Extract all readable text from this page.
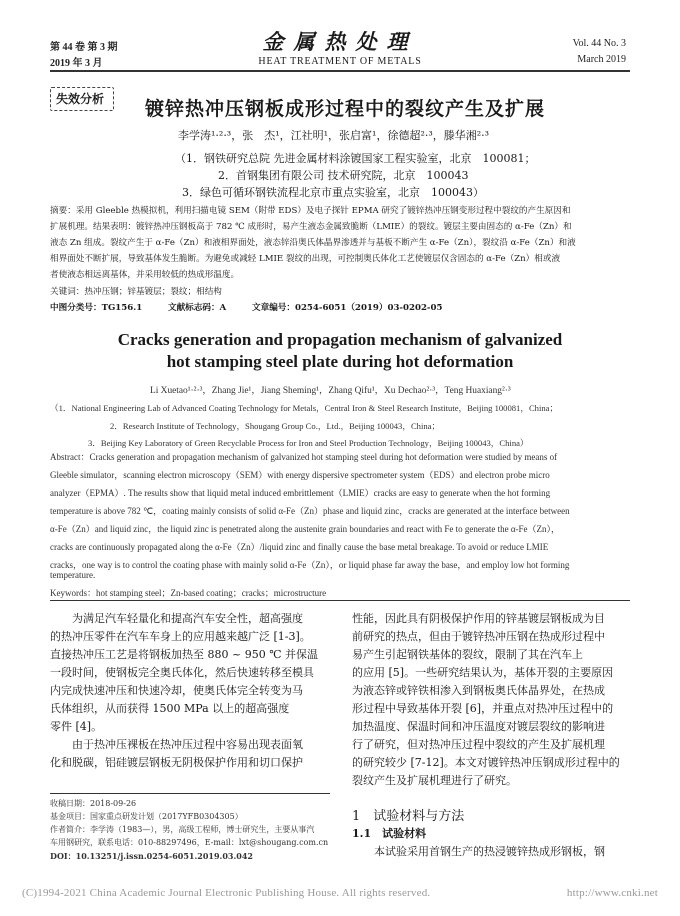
第 44 卷 第 3 期
2019 年 3 月
金属热处理
HEAT TREATMENT OF METALS
Vol. 44 No. 3
March 2019
失效分析 镀锌热冲压钢板成形过程中的裂纹产生及扩展
李学涛¹·²·³，张　杰¹，江社明¹，张启富¹，徐德超²·³，滕华湘²·³
（1．钢铁研究总院 先进金属材料涂镀国家工程实验室，北京　100081；
2．首钢集团有限公司 技术研究院，北京　100043
3．绿色可循环钢铁流程北京市重点实验室，北京　100043）
摘要：采用 Gleeble 热模拟机，利用扫描电镜 SEM（附带 EDS）及电子探针 EPMA 研究了镀锌热冲压钢变形过程中裂纹的产生原因和
扩展机理。结果表明：镀锌热冲压钢板高于 782 ℃ 成形时，易产生液态金属致脆断（LMIE）的裂纹。镀层主要由固态的 α-Fe（Zn）和
液态 Zn 组成。裂纹产生于 α-Fe（Zn）和液相界面处，液态锌沿奥氏体晶界渗透并与基板不断产生 α-Fe（Zn），裂纹沿 α-Fe（Zn）和液
相界面处不断扩展，导致基体发生脆断。为避免或减轻 LMIE 裂纹的出现，可控制奥氏体化工艺使镀层仅含固态的 α-Fe（Zn）相或液
者使液态相远离基体，并采用较低的热成形温度。
关键词：热冲压钢；锌基镀层；裂纹；相结构
中图分类号：TG156.1　　　文献标志码：A　　　文章编号：0254-6051（2019）03-0202-05
Cracks generation and propagation mechanism of galvanized
hot stamping steel plate during hot deformation
Li Xuetao¹·²·³，Zhang Jie¹，Jiang Sheming¹，Zhang Qifu¹，Xu Dechao²·³，Teng Huaxiang²·³
（1．National Engineering Lab of Advanced Coating Technology for Metals，Central Iron & Steel Research Institute，Beijing 100081，China；
2．Research Institute of Technology，Shougang Group Co.，Ltd.，Beijing 100043，China；
3．Beijing Key Laboratory of Green Recyclable Process for Iron and Steel Production Technology，Beijing 100043，China）
Abstract：Cracks generation and propagation mechanism of galvanized hot stamping steel during hot deformation were studied by means of
Gleeble simulator，scanning electron microscopy（SEM）with energy dispersive spectrometer system（EDS）and electron probe micro
analyzer（EPMA）. The results show that liquid metal induced embrittlement（LMIE）cracks are easy to generate when the hot forming
temperature is above 782 ℃，coating mainly consists of solid α-Fe（Zn）phase and liquid zinc，cracks are generated at the interface between
α-Fe（Zn）and liquid zinc，the liquid zinc is penetrated along the austenite grain boundaries and react with Fe to generate the α-Fe（Zn），
cracks are continuously propagated along the α-Fe（Zn）/liquid zinc and finally cause the base metal breakage. To avoid or reduce LMIE
cracks，one way is to control the coating phase with mainly solid α-Fe（Zn），or liquid phase far away the base，and employ low hot forming
temperature.
Keywords：hot stamping steel；Zn-based coating；cracks；microstructure
　　为满足汽车轻量化和提高汽车安全性，超高强度
的热冲压零件在汽车车身上的应用越来越广泛 [1-3]。
直接热冲压工艺是将钢板加热至 880 ~ 950 ℃ 并保温
一段时间，使钢板完全奥氏体化，然后快速转移至模具
内完成快速冲压和快速冷却，使奥氏体完全转变为马
氏体组织，从而获得 1500 MPa 以上的超高强度
零件 [4]。
　　由于热冲压裸板在热冲压过程中容易出现表面氧
化和脱碳，铝硅镀层钢板无阴极保护作用和切口保护
收稿日期：2018-09-26
基金项目：国家重点研发计划（2017YFB0304305）
作者简介：李学涛（1983—），男，高级工程师，博士研究生，主要从事汽
车用钢研究，联系电话：010-88297496，E-mail：lxt@shougang.com.cn
DOI：10.13251/j.issn.0254-6051.2019.03.042
性能，因此具有阴极保护作用的锌基镀层钢板成为目
前研究的热点，但由于镀锌热冲压钢在热成形过程中
易产生引起钢铁基体的裂纹，限制了其在汽车上
的应用 [5]。一些研究结果认为，基体开裂的主要原因
为液态锌或锌铁相渗入到钢板奥氏体晶界处，在热成
形过程中导致基体开裂 [6]，并重点对热冲压过程中的
加热温度、保温时间和冲压温度对镀层裂纹的影响进
行了研究，但对热冲压过程中裂纹的产生及扩展机理
的研究较少 [7-12]。本文对镀锌热冲压钢成形过程中的
裂纹产生及扩展机理进行了研究。
1　试验材料与方法
1.1　试验材料
　　本试验采用首钢生产的热浸镀锌热成形钢板，钢
(C)1994-2021 China Academic Journal Electronic Publishing House. All rights reserved.	http://www.cnki.net
